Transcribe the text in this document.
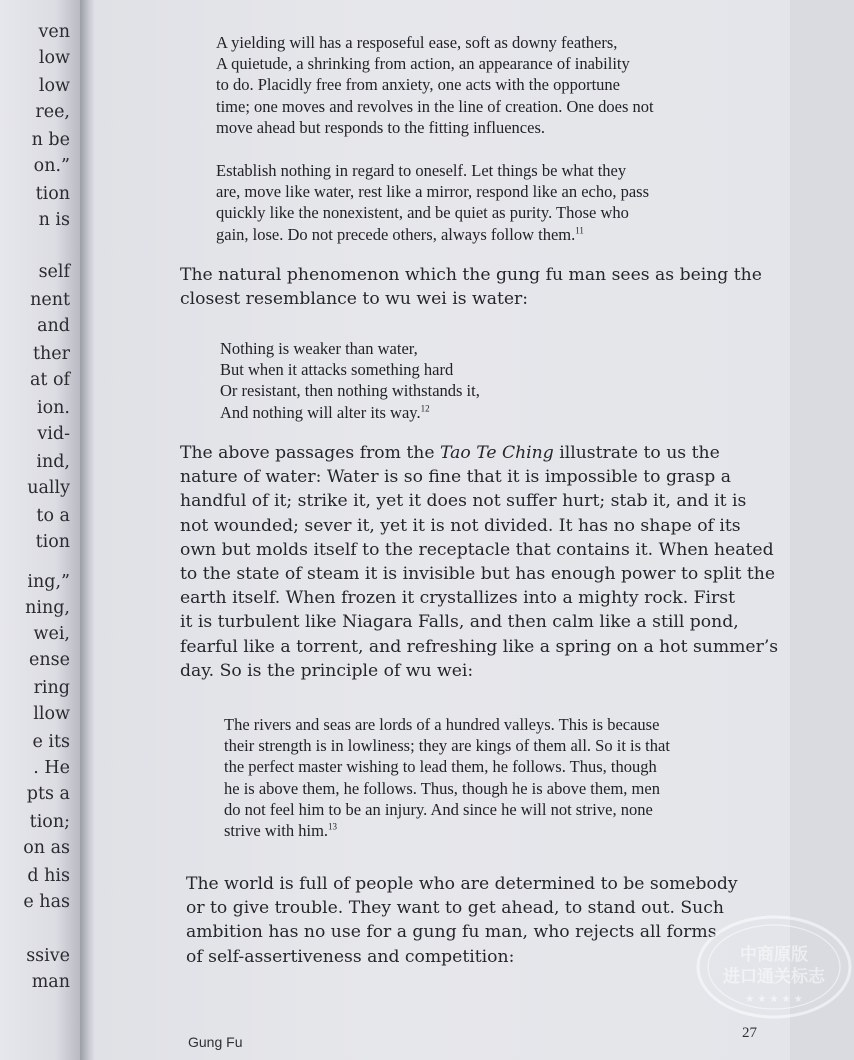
ven
low
low
ree,
n be
on.”
tion
n is
self
nent
and
ther
at of
ion.
vid-
ind,
ually
to a
tion
ing,”
ning,
wei,
ense
ring
llow
e its
. He
pts a
tion;
on as
d his
e has
ssive
man
A yielding will has a resposeful ease, soft as downy feathers,
A quietude, a shrinking from action, an appearance of inability
to do. Placidly free from anxiety, one acts with the opportune
time; one moves and revolves in the line of creation. One does not
move ahead but responds to the fitting influences.
Establish nothing in regard to oneself. Let things be what they
are, move like water, rest like a mirror, respond like an echo, pass
quickly like the nonexistent, and be quiet as purity. Those who
gain, lose. Do not precede others, always follow them.$^{11}$
The natural phenomenon which the gung fu man sees as being the
closest resemblance to wu wei is water:
Nothing is weaker than water,
But when it attacks something hard
Or resistant, then nothing withstands it,
And nothing will alter its way.$^{12}$
The above passages from the Tao Te Ching illustrate to us the
nature of water: Water is so fine that it is impossible to grasp a
handful of it; strike it, yet it does not suffer hurt; stab it, and it is
not wounded; sever it, yet it is not divided. It has no shape of its
own but molds itself to the receptacle that contains it. When heated
to the state of steam it is invisible but has enough power to split the
earth itself. When frozen it crystallizes into a mighty rock. First
it is turbulent like Niagara Falls, and then calm like a still pond,
fearful like a torrent, and refreshing like a spring on a hot summer’s
day. So is the principle of wu wei:
The rivers and seas are lords of a hundred valleys. This is because
their strength is in lowliness; they are kings of them all. So it is that
the perfect master wishing to lead them, he follows. Thus, though
he is above them, he follows. Thus, though he is above them, men
do not feel him to be an injury. And since he will not strive, none
strive with him.$^{13}$
The world is full of people who are determined to be somebody
or to give trouble. They want to get ahead, to stand out. Such
ambition has no use for a gung fu man, who rejects all forms
of self-assertiveness and competition:
Gung Fu
27
中商原版
进口通关标志
★ ★ ★ ★ ★
